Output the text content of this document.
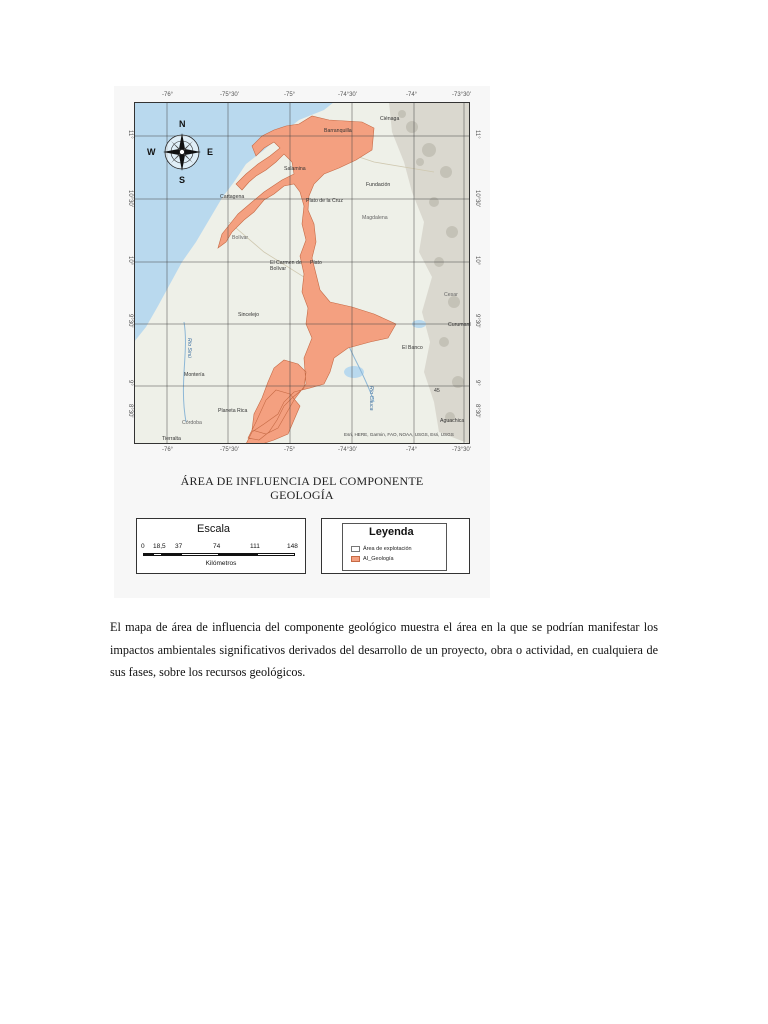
N
S
E
W
Barranquilla
Ciénaga
Cartagena
Fundación
Salamina
Plato de la Cruz
Magdalena
Bolívar
El Carmen de Bolívar
Plato
Cesar
Sincelejo
El Banco
Montería
Planeta Rica
Córdoba
Tierralta
Aguachica
Curumaní
Río Sinú
Río Cauca	45
Esri, HERE, Garmin, FAO, NOAA, USGS, Esri, USGS
-76°	-75°30'	-75°	-74°30'	-74°	-73°30'
-76°	-75°30'	-75°	-74°30'	-74°	-73°30'
11°
10°30'
10°
9°30'
9°
8°30'
11°
10°30'
10°
9°30'
9°
8°30'
ÁREA DE INFLUENCIA DEL COMPONENTE
GEOLOGÍA
Escala
0 18,5 37	74	111	148
Kilómetros
Leyenda
Área de explotación
AI_Geología
El mapa de área de influencia del componente geológico muestra el área en la que se podrían manifestar los impactos ambientales significativos derivados del desarrollo de un proyecto, obra o actividad, en cualquiera de sus fases, sobre los recursos geológicos.
